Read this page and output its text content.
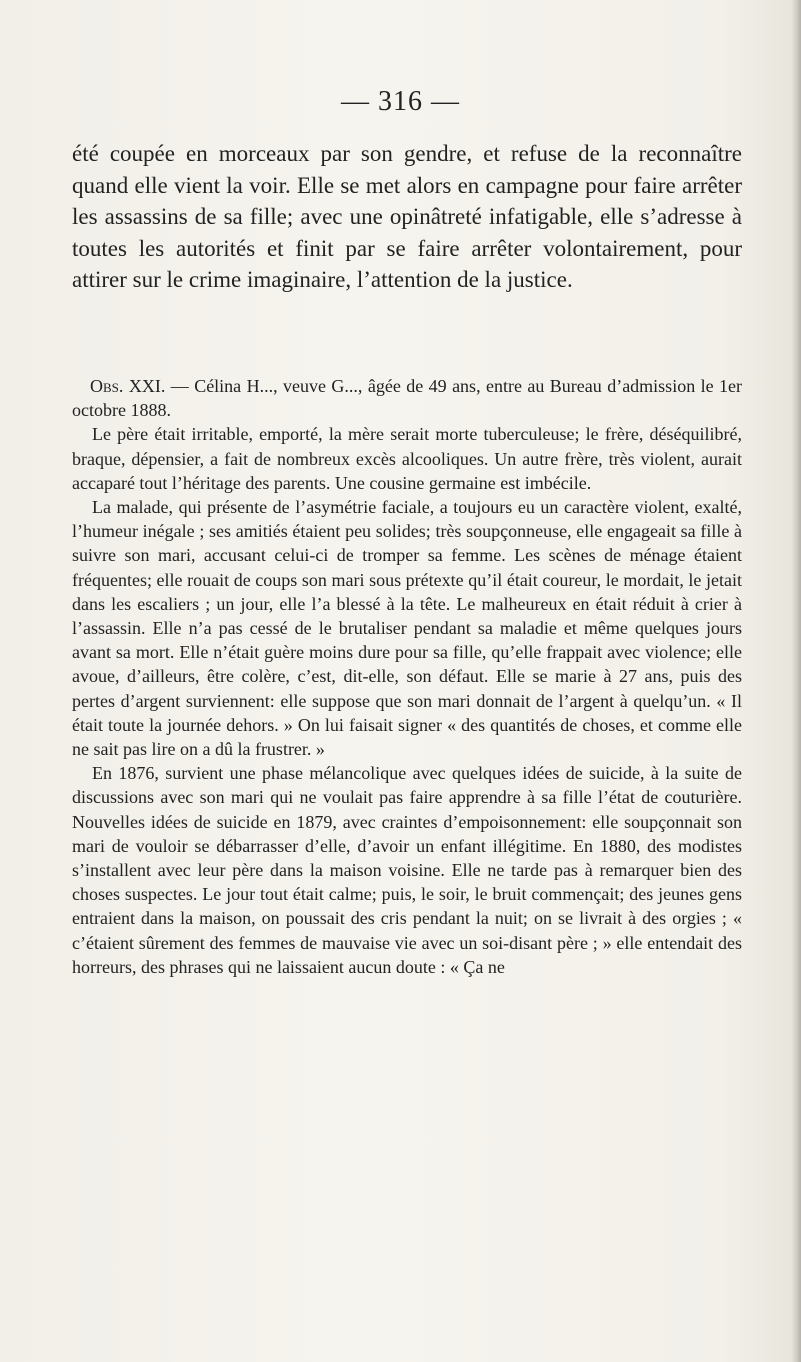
— 316 —

été coupée en morceaux par son gendre, et refuse de la reconnaître quand elle vient la voir. Elle se met alors en campagne pour faire arrêter les assassins de sa fille; avec une opinâtreté infatigable, elle s’adresse à toutes les autorités et finit par se faire arrêter volontairement, pour attirer sur le crime imaginaire, l’attention de la justice.

Obs. XXI. — Célina H..., veuve G..., âgée de 49 ans, entre au Bureau d’admission le 1er octobre 1888.

Le père était irritable, emporté, la mère serait morte tuberculeuse; le frère, déséquilibré, braque, dépensier, a fait de nombreux excès alcooliques. Un autre frère, très violent, aurait accaparé tout l’héritage des parents. Une cousine germaine est imbécile.

La malade, qui présente de l’asymétrie faciale, a toujours eu un caractère violent, exalté, l’humeur inégale ; ses amitiés étaient peu solides; très soupçonneuse, elle engageait sa fille à suivre son mari, accusant celui-ci de tromper sa femme. Les scènes de ménage étaient fréquentes; elle rouait de coups son mari sous prétexte qu’il était coureur, le mordait, le jetait dans les escaliers ; un jour, elle l’a blessé à la tête. Le malheureux en était réduit à crier à l’assassin. Elle n’a pas cessé de le brutaliser pendant sa maladie et même quelques jours avant sa mort. Elle n’était guère moins dure pour sa fille, qu’elle frappait avec violence; elle avoue, d’ailleurs, être colère, c’est, dit-elle, son défaut. Elle se marie à 27 ans, puis des pertes d’argent surviennent: elle suppose que son mari donnait de l’argent à quelqu’un. « Il était toute la journée dehors. » On lui faisait signer « des quantités de choses, et comme elle ne sait pas lire on a dû la frustrer. »

En 1876, survient une phase mélancolique avec quelques idées de suicide, à la suite de discussions avec son mari qui ne voulait pas faire apprendre à sa fille l’état de couturière. Nouvelles idées de suicide en 1879, avec craintes d’empoisonnement: elle soupçonnait son mari de vouloir se débarrasser d’elle, d’avoir un enfant illégitime. En 1880, des modistes s’installent avec leur père dans la maison voisine. Elle ne tarde pas à remarquer bien des choses suspectes. Le jour tout était calme; puis, le soir, le bruit commençait; des jeunes gens entraient dans la maison, on poussait des cris pendant la nuit; on se livrait à des orgies ; « c’étaient sûrement des femmes de mauvaise vie avec un soi-disant père ; » elle entendait des horreurs, des phrases qui ne laissaient aucun doute : « Ça ne
